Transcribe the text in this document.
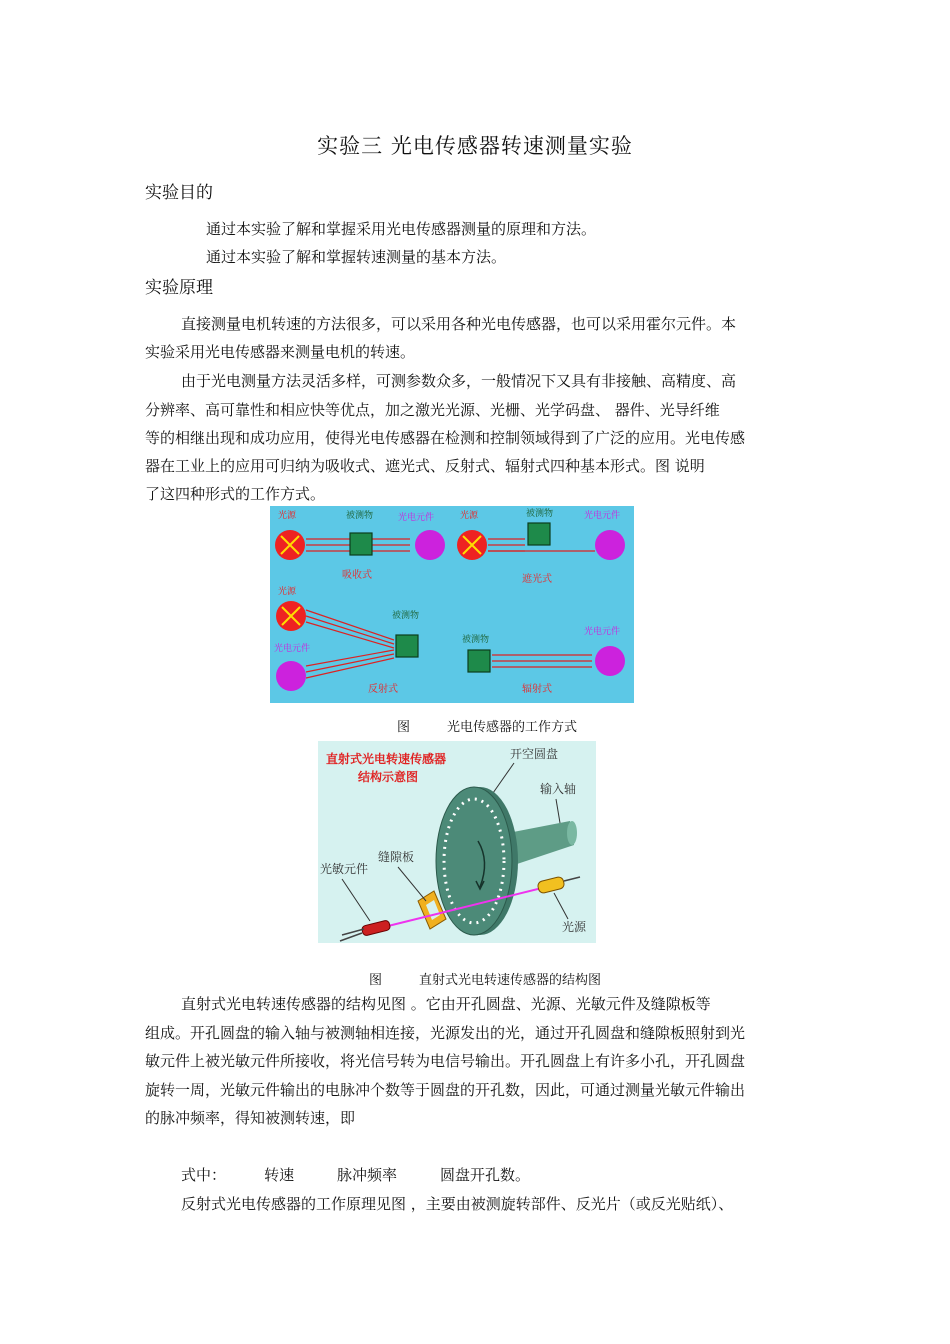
实验三 光电传感器转速测量实验
实验目的
通过本实验了解和掌握采用光电传感器测量的原理和方法。
通过本实验了解和掌握转速测量的基本方法。
实验原理
直接测量电机转速的方法很多，可以采用各种光电传感器，也可以采用霍尔元件。本
实验采用光电传感器来测量电机的转速。
由于光电测量方法灵活多样，可测参数众多，一般情况下又具有非接触、高精度、高
分辨率、高可靠性和相应快等优点，加之激光光源、光栅、光学码盘、 器件、光导纤维
等的相继出现和成功应用，使得光电传感器在检测和控制领域得到了广泛的应用。光电传感
器在工业上的应用可归纳为吸收式、遮光式、反射式、辐射式四种基本形式。图 说明
了这四种形式的工作方式。
光源	被测物	光电元件
吸收式
光源	被测物	光电元件
遮光式
光源
被测物
光电元件
反射式
被测物
光电元件
辐射式
图	光电传感器的工作方式
直射式光电转速传感器
结构示意图
开空圆盘
输入轴
缝隙板
光源
光敏元件
图	直射式光电转速传感器的结构图
直射式光电转速传感器的结构见图 。它由开孔圆盘、光源、光敏元件及缝隙板等
组成。开孔圆盘的输入轴与被测轴相连接，光源发出的光，通过开孔圆盘和缝隙板照射到光
敏元件上被光敏元件所接收，将光信号转为电信号输出。开孔圆盘上有许多小孔，开孔圆盘
旋转一周，光敏元件输出的电脉冲个数等于圆盘的开孔数，因此，可通过测量光敏元件输出
的脉冲频率，得知被测转速，即
式中：        转速         脉冲频率         圆盘开孔数。
反射式光电传感器的工作原理见图 ，主要由被测旋转部件、反光片（或反光贴纸）、
